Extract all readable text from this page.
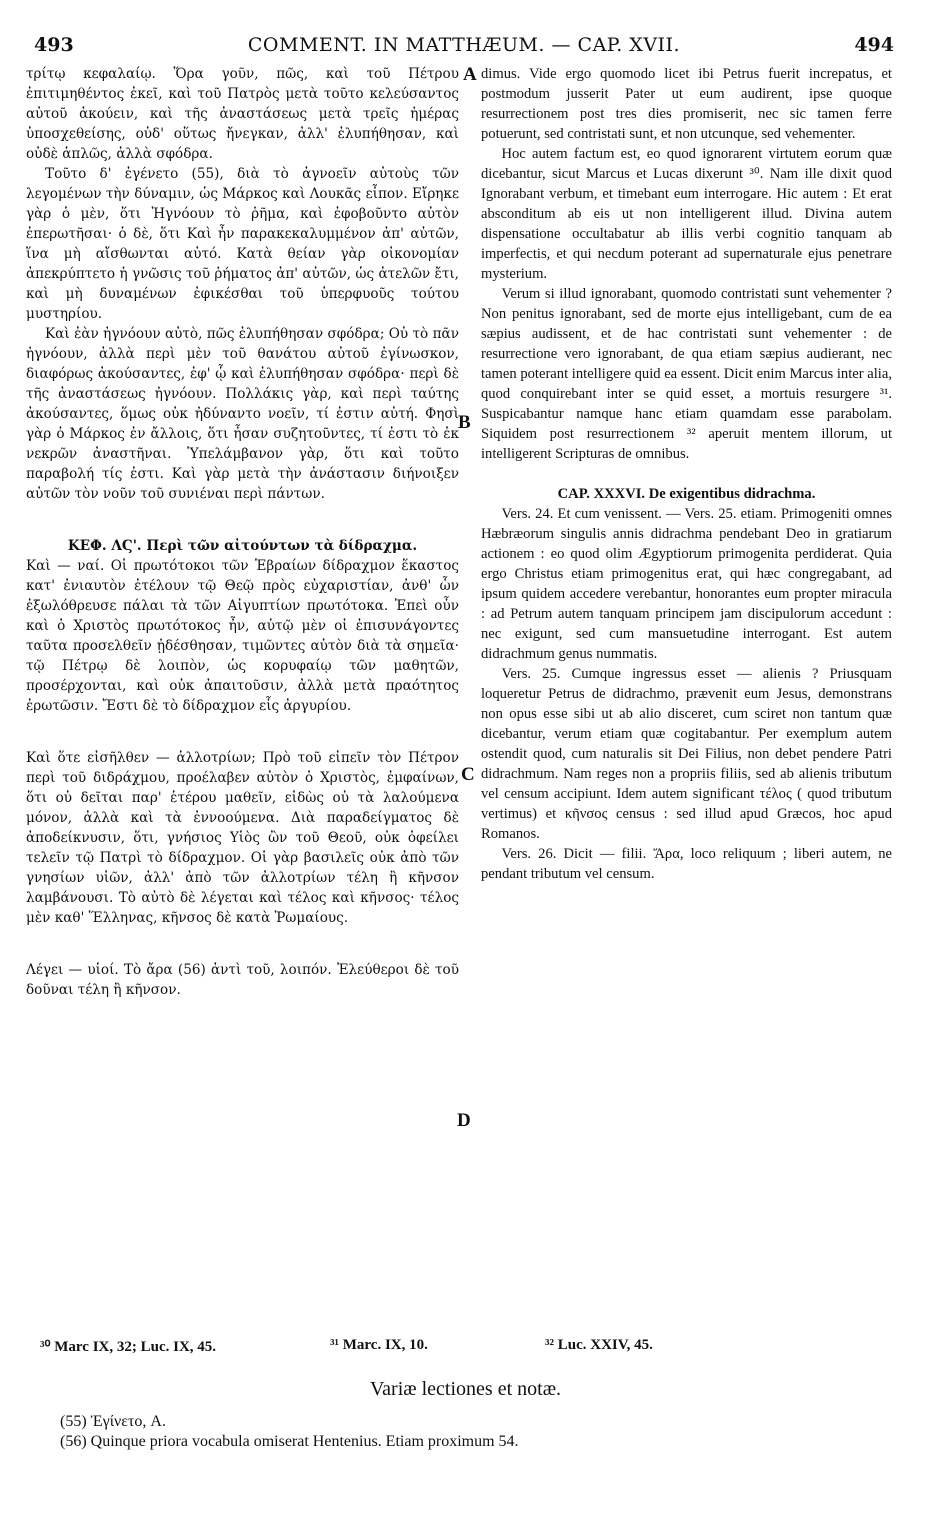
493	COMMENT. IN MATTHÆUM. — CAP. XVII.	494

τρίτῳ κεφαλαίῳ. Ὅρα γοῦν, πῶς, καὶ τοῦ Πέτρου ἐπιτιμηθέντος ἐκεῖ, καὶ τοῦ Πατρὸς μετὰ τοῦτο κελεύσαντος αὐτοῦ ἀκούειν, καὶ τῆς ἀναστάσεως μετὰ τρεῖς ἡμέρας ὑποσχεθείσης, οὐδ' οὕτως ἤνεγκαν, ἀλλ' ἐλυπήθησαν, καὶ οὐδὲ ἁπλῶς, ἀλλὰ σφόδρα.

Τοῦτο δ' ἐγένετο (55), διὰ τὸ ἀγνοεῖν αὐτοὺς τῶν λεγομένων τὴν δύναμιν, ὡς Μάρκος καὶ Λουκᾶς εἶπον. Εἴρηκε γὰρ ὁ μὲν, ὅτι Ἠγνόουν τὸ ῥῆμα, καὶ ἐφοβοῦντο αὐτὸν ἐπερωτῆσαι· ὁ δὲ, ὅτι Καὶ ἦν παρακεκαλυμμένον ἀπ' αὐτῶν, ἵνα μὴ αἴσθωνται αὐτό. Κατὰ θείαν γὰρ οἰκονομίαν ἀπεκρύπτετο ἡ γνῶσις τοῦ ῥήματος ἀπ' αὐτῶν, ὡς ἀτελῶν ἔτι, καὶ μὴ δυναμένων ἐφικέσθαι τοῦ ὑπερφυοῦς τούτου μυστηρίου.

Καὶ ἐὰν ἠγνόουν αὐτὸ, πῶς ἐλυπήθησαν σφόδρα; Οὐ τὸ πᾶν ἠγνόουν, ἀλλὰ περὶ μὲν τοῦ θανάτου αὐτοῦ ἐγίνωσκον, διαφόρως ἀκούσαντες, ἐφ' ᾧ καὶ ἐλυπήθησαν σφόδρα· περὶ δὲ τῆς ἀναστάσεως ἠγνόουν. Πολλάκις γὰρ, καὶ περὶ ταύτης ἀκούσαντες, ὅμως οὐκ ἠδύναντο νοεῖν, τί ἐστιν αὐτή. Φησὶ γὰρ ὁ Μάρκος ἐν ἄλλοις, ὅτι ἦσαν συζητοῦντες, τί ἐστι τὸ ἐκ νεκρῶν ἀναστῆναι. Ὑπελάμβανον γὰρ, ὅτι καὶ τοῦτο παραβολή τίς ἐστι. Καὶ γὰρ μετὰ τὴν ἀνάστασιν διήνοιξεν αὐτῶν τὸν νοῦν τοῦ συνιέναι περὶ πάντων.

ΚΕΦ. ΛϚ'. Περὶ τῶν αἰτούντων τὰ δίδραχμα.

Καὶ — ναί. Οἱ πρωτότοκοι τῶν Ἑβραίων δίδραχμον ἕκαστος κατ' ἐνιαυτὸν ἐτέλουν τῷ Θεῷ πρὸς εὐχαριστίαν, ἀνθ' ὧν ἐξωλόθρευσε πάλαι τὰ τῶν Αἰγυπτίων πρωτότοκα. Ἐπεὶ οὖν καὶ ὁ Χριστὸς πρωτότοκος ἦν, αὐτῷ μὲν οἱ ἐπισυνάγοντες ταῦτα προσελθεῖν ᾐδέσθησαν, τιμῶντες αὐτὸν διὰ τὰ σημεῖα· τῷ Πέτρῳ δὲ λοιπὸν, ὡς κορυφαίῳ τῶν μαθητῶν, προσέρχονται, καὶ οὐκ ἀπαιτοῦσιν, ἀλλὰ μετὰ πραότητος ἐρωτῶσιν. Ἔστι δὲ τὸ δίδραχμον εἷς ἀργυρίου.

Καὶ ὅτε εἰσῆλθεν — ἀλλοτρίων; Πρὸ τοῦ εἰπεῖν τὸν Πέτρον περὶ τοῦ διδράχμου, προέλαβεν αὐτὸν ὁ Χριστὸς, ἐμφαίνων, ὅτι οὐ δεῖται παρ' ἑτέρου μαθεῖν, εἰδὼς οὐ τὰ λαλούμενα μόνον, ἀλλὰ καὶ τὰ ἐννοούμενα. Διὰ παραδείγματος δὲ ἀποδείκνυσιν, ὅτι, γνήσιος Υἱὸς ὢν τοῦ Θεοῦ, οὐκ ὀφείλει τελεῖν τῷ Πατρὶ τὸ δίδραχμον. Οἱ γὰρ βασιλεῖς οὐκ ἀπὸ τῶν γνησίων υἱῶν, ἀλλ' ἀπὸ τῶν ἀλλοτρίων τέλη ἢ κῆνσον λαμβάνουσι. Τὸ αὐτὸ δὲ λέγεται καὶ τέλος καὶ κῆνσος· τέλος μὲν καθ' Ἕλληνας, κῆνσος δὲ κατὰ Ῥωμαίους.

Λέγει — υἱοί. Τὸ ἄρα (56) ἀντὶ τοῦ, λοιπόν. Ἐλεύθεροι δὲ τοῦ δοῦναι τέλη ἢ κῆνσον.

dimus. Vide ergo quomodo licet ibi Petrus fuerit increpatus, et postmodum jusserit Pater ut eum audirent, ipse quoque resurrectionem post tres dies promiserit, nec sic tamen ferre potuerunt, sed contristati sunt, et non utcunque, sed vehementer.

Hoc autem factum est, eo quod ignorarent virtutem eorum quæ dicebantur, sicut Marcus et Lucas dixerunt ³⁰. Nam ille dixit quod Ignorabant verbum, et timebant eum interrogare. Hic autem : Et erat absconditum ab eis ut non intelligerent illud. Divina autem dispensatione occultabatur ab illis verbi cognitio tanquam ab imperfectis, et qui necdum poterant ad supernaturale ejus penetrare mysterium.

Verum si illud ignorabant, quomodo contristati sunt vehementer ? Non penitus ignorabant, sed de morte ejus intelligebant, cum de ea sæpius audissent, et de hac contristati sunt vehementer : de resurrectione vero ignorabant, de qua etiam sæpius audierant, nec tamen poterant intelligere quid ea essent. Dicit enim Marcus inter alia, quod conquirebant inter se quid esset, a mortuis resurgere ³¹. Suspicabantur namque hanc etiam quamdam esse parabolam. Siquidem post resurrectionem ³² aperuit mentem illorum, ut intelligerent Scripturas de omnibus.

CAP. XXXVI. De exigentibus didrachma.

Vers. 24. Et cum venissent. — Vers. 25. etiam. Primogeniti omnes Hæbræorum singulis annis didrachma pendebant Deo in gratiarum actionem : eo quod olim Ægyptiorum primogenita perdiderat. Quia ergo Christus etiam primogenitus erat, qui hæc congregabant, ad ipsum quidem accedere verebantur, honorantes eum propter miracula : ad Petrum autem tanquam principem jam discipulorum accedunt : nec exigunt, sed cum mansuetudine interrogant. Est autem didrachmum genus nummatis.

Vers. 25. Cumque ingressus esset — alienis ? Priusquam loqueretur Petrus de didrachmo, prævenit eum Jesus, demonstrans non opus esse sibi ut ab alio disceret, cum sciret non tantum quæ dicebantur, verum etiam quæ cogitabantur. Per exemplum autem ostendit quod, cum naturalis sit Dei Filius, non debet pendere Patri didrachmum. Nam reges non a propriis filiis, sed ab alienis tributum vel censum accipiunt. Idem autem significant τέλος ( quod tributum vertimus) et κῆνσος census : sed illud apud Græcos, hoc apud Romanos.

Vers. 26. Dicit — filii. Ἄρα, loco reliquum ; liberi autem, ne pendant tributum vel censum.

A
B
C
D
³⁰ Marc IX, 32; Luc. IX, 45.	³¹ Marc. IX, 10.	³² Luc. XXIV, 45.
Variæ lectiones et notæ.
(55) Ἐγίνετο, A.
(56) Quinque priora vocabula omiserat Hentenius. Etiam proximum 54.
